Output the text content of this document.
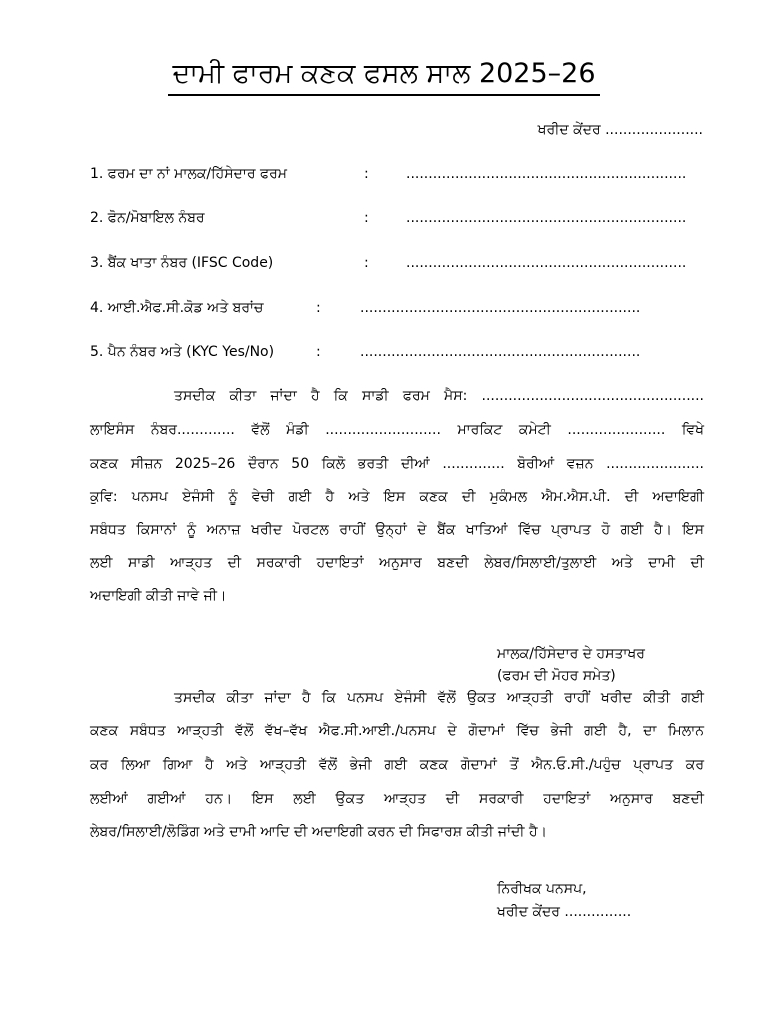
ਦਾਮੀ ਫਾਰਮ ਕਣਕ ਫਸਲ ਸਾਲ 2025–26
ਖਰੀਦ ਕੇਂਦਰ ......................
1. ਫਰਮ ਦਾ ਨਾਂ ਮਾਲਕ/ਹਿੱਸੇਦਾਰ ਫਰਮ	:	...............................................................
2. ਫੋਨ/ਮੋਬਾਇਲ ਨੰਬਰ	:	...............................................................
3. ਬੈਂਕ ਖਾਤਾ ਨੰਬਰ (IFSC Code)	:	...............................................................
4. ਆਈ.ਐਫ.ਸੀ.ਕੋਡ ਅਤੇ ਬਰਾਂਚ	:	...............................................................
5. ਪੈਨ ਨੰਬਰ ਅਤੇ (KYC Yes/No)	:	...............................................................
ਤਸਦੀਕ ਕੀਤਾ ਜਾਂਦਾ ਹੈ ਕਿ ਸਾਡੀ ਫਰਮ ਮੈਸ: ..................................................
ਲਾਇਸੰਸ ਨੰਬਰ............. ਵੱਲੋਂ ਮੰਡੀ .......................... ਮਾਰਕਿਟ ਕਮੇਟੀ ...................... ਵਿਖੇ
ਕਣਕ ਸੀਜ਼ਨ 2025–26 ਦੌਰਾਨ 50 ਕਿਲੋ ਭਰਤੀ ਦੀਆਂ .............. ਬੋਰੀਆਂ ਵਜ਼ਨ ......................
ਕੁਵਿ: ਪਨਸਪ ਏਜੰਸੀ ਨੂੰ ਵੇਚੀ ਗਈ ਹੈ ਅਤੇ ਇਸ ਕਣਕ ਦੀ ਮੁਕੰਮਲ ਐਮ.ਐਸ.ਪੀ. ਦੀ ਅਦਾਇਗੀ
ਸਬੰਧਤ ਕਿਸਾਨਾਂ ਨੂੰ ਅਨਾਜ਼ ਖਰੀਦ ਪੋਰਟਲ ਰਾਹੀਂ ਉਨ੍ਹਾਂ ਦੇ ਬੈਂਕ ਖਾਤਿਆਂ ਵਿੱਚ ਪ੍ਰਾਪਤ ਹੋ ਗਈ ਹੈ। ਇਸ
ਲਈ ਸਾਡੀ ਆੜ੍ਹਤ ਦੀ ਸਰਕਾਰੀ ਹਦਾਇਤਾਂ ਅਨੁਸਾਰ ਬਣਦੀ ਲੇਬਰ/ਸਿਲਾਈ/ਤੁਲਾਈ ਅਤੇ ਦਾਮੀ ਦੀ
ਅਦਾਇਗੀ ਕੀਤੀ ਜਾਵੇ ਜੀ।
ਮਾਲਕ/ਹਿੱਸੇਦਾਰ ਦੇ ਹਸਤਾਖਰ
(ਫਰਮ ਦੀ ਮੋਹਰ ਸਮੇਤ)
ਤਸਦੀਕ ਕੀਤਾ ਜਾਂਦਾ ਹੈ ਕਿ ਪਨਸਪ ਏਜੰਸੀ ਵੱਲੋਂ ਉਕਤ ਆੜ੍ਹਤੀ ਰਾਹੀਂ ਖਰੀਦ ਕੀਤੀ ਗਈ
ਕਣਕ ਸਬੰਧਤ ਆੜ੍ਹਤੀ ਵੱਲੋਂ ਵੱਖ–ਵੱਖ ਐਫ.ਸੀ.ਆਈ./ਪਨਸਪ ਦੇ ਗੋਦਾਮਾਂ ਵਿੱਚ ਭੇਜੀ ਗਈ ਹੈ, ਦਾ ਮਿਲਾਨ
ਕਰ ਲਿਆ ਗਿਆ ਹੈ ਅਤੇ ਆੜ੍ਹਤੀ ਵੱਲੋਂ ਭੇਜੀ ਗਈ ਕਣਕ ਗੋਦਾਮਾਂ ਤੋਂ ਐਨ.ਓ.ਸੀ./ਪਹੁੰਚ ਪ੍ਰਾਪਤ ਕਰ
ਲਈਆਂ ਗਈਆਂ ਹਨ। ਇਸ ਲਈ ਉਕਤ ਆੜ੍ਹਤ ਦੀ ਸਰਕਾਰੀ ਹਦਾਇਤਾਂ ਅਨੁਸਾਰ ਬਣਦੀ
ਲੇਬਰ/ਸਿਲਾਈ/ਲੋਡਿੰਗ ਅਤੇ ਦਾਮੀ ਆਦਿ ਦੀ ਅਦਾਇਗੀ ਕਰਨ ਦੀ ਸਿਫਾਰਸ਼ ਕੀਤੀ ਜਾਂਦੀ ਹੈ।
ਨਿਰੀਖਕ ਪਨਸਪ,
ਖਰੀਦ ਕੇਂਦਰ ...............
